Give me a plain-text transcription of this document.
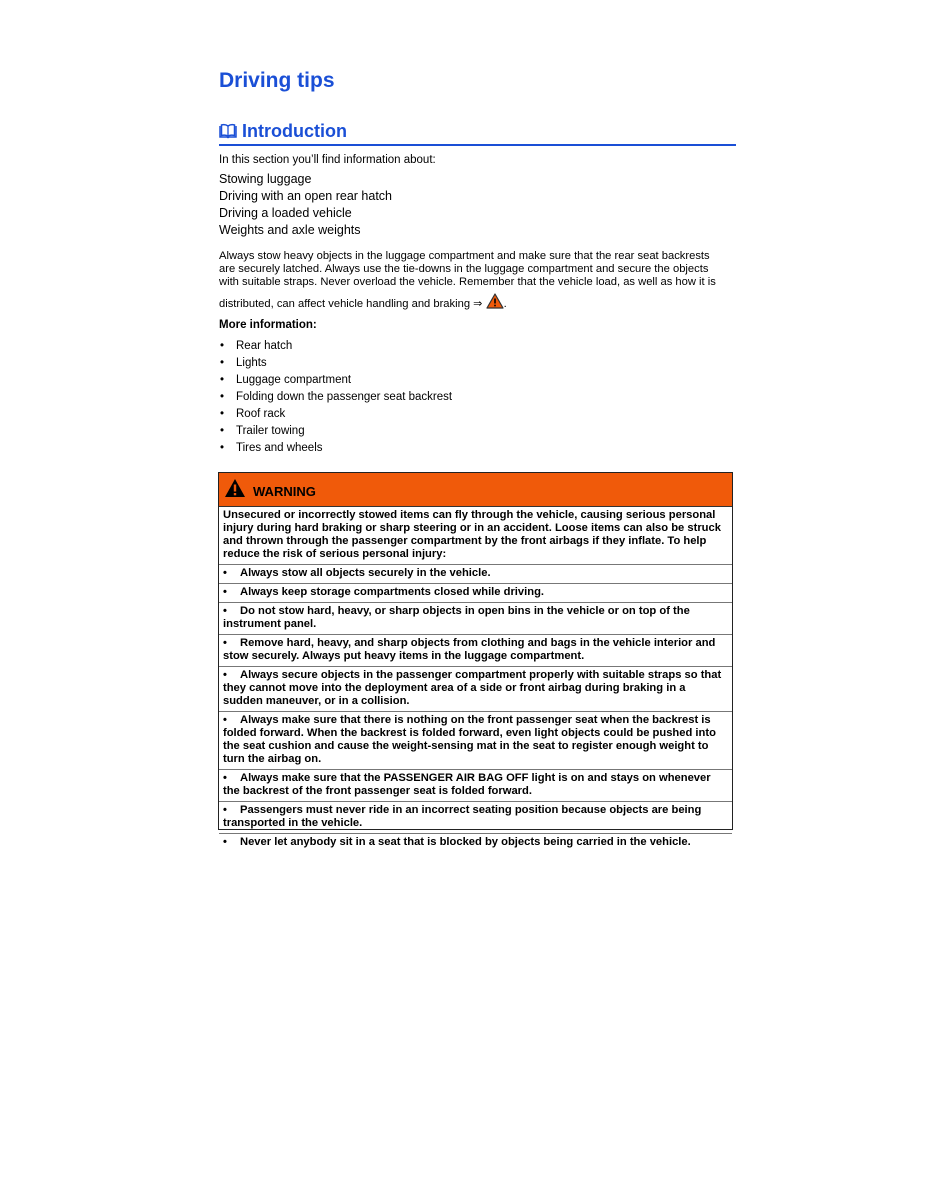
Driving tips
Introduction
In this section you’ll find information about:
Stowing luggage
Driving with an open rear hatch
Driving a loaded vehicle
Weights and axle weights
Always stow heavy objects in the luggage compartment and make sure that the rear seat backrests
are securely latched. Always use the tie-downs in the luggage compartment and secure the objects
with suitable straps. Never overload the vehicle. Remember that the vehicle load, as well as how it is
distributed, can affect vehicle handling and braking ⇒ .
More information:
• Rear hatch
• Lights
• Luggage compartment
• Folding down the passenger seat backrest
• Roof rack
• Trailer towing
• Tires and wheels
WARNING
Unsecured or incorrectly stowed items can fly through the vehicle, causing serious personal injury during hard braking or sharp steering or in an accident. Loose items can also be struck and thrown through the passenger compartment by the front airbags if they inflate. To help reduce the risk of serious personal injury:
• Always stow all objects securely in the vehicle.
• Always keep storage compartments closed while driving.
• Do not stow hard, heavy, or sharp objects in open bins in the vehicle or on top of the instrument panel.
• Remove hard, heavy, and sharp objects from clothing and bags in the vehicle interior and stow securely. Always put heavy items in the luggage compartment.
• Always secure objects in the passenger compartment properly with suitable straps so that they cannot move into the deployment area of a side or front airbag during braking in a sudden maneuver, or in a collision.
• Always make sure that there is nothing on the front passenger seat when the backrest is folded forward. When the backrest is folded forward, even light objects could be pushed into the seat cushion and cause the weight-sensing mat in the seat to register enough weight to turn the airbag on.
• Always make sure that the PASSENGER AIR BAG OFF light is on and stays on whenever the backrest of the front passenger seat is folded forward.
• Passengers must never ride in an incorrect seating position because objects are being transported in the vehicle.
• Never let anybody sit in a seat that is blocked by objects being carried in the vehicle.
